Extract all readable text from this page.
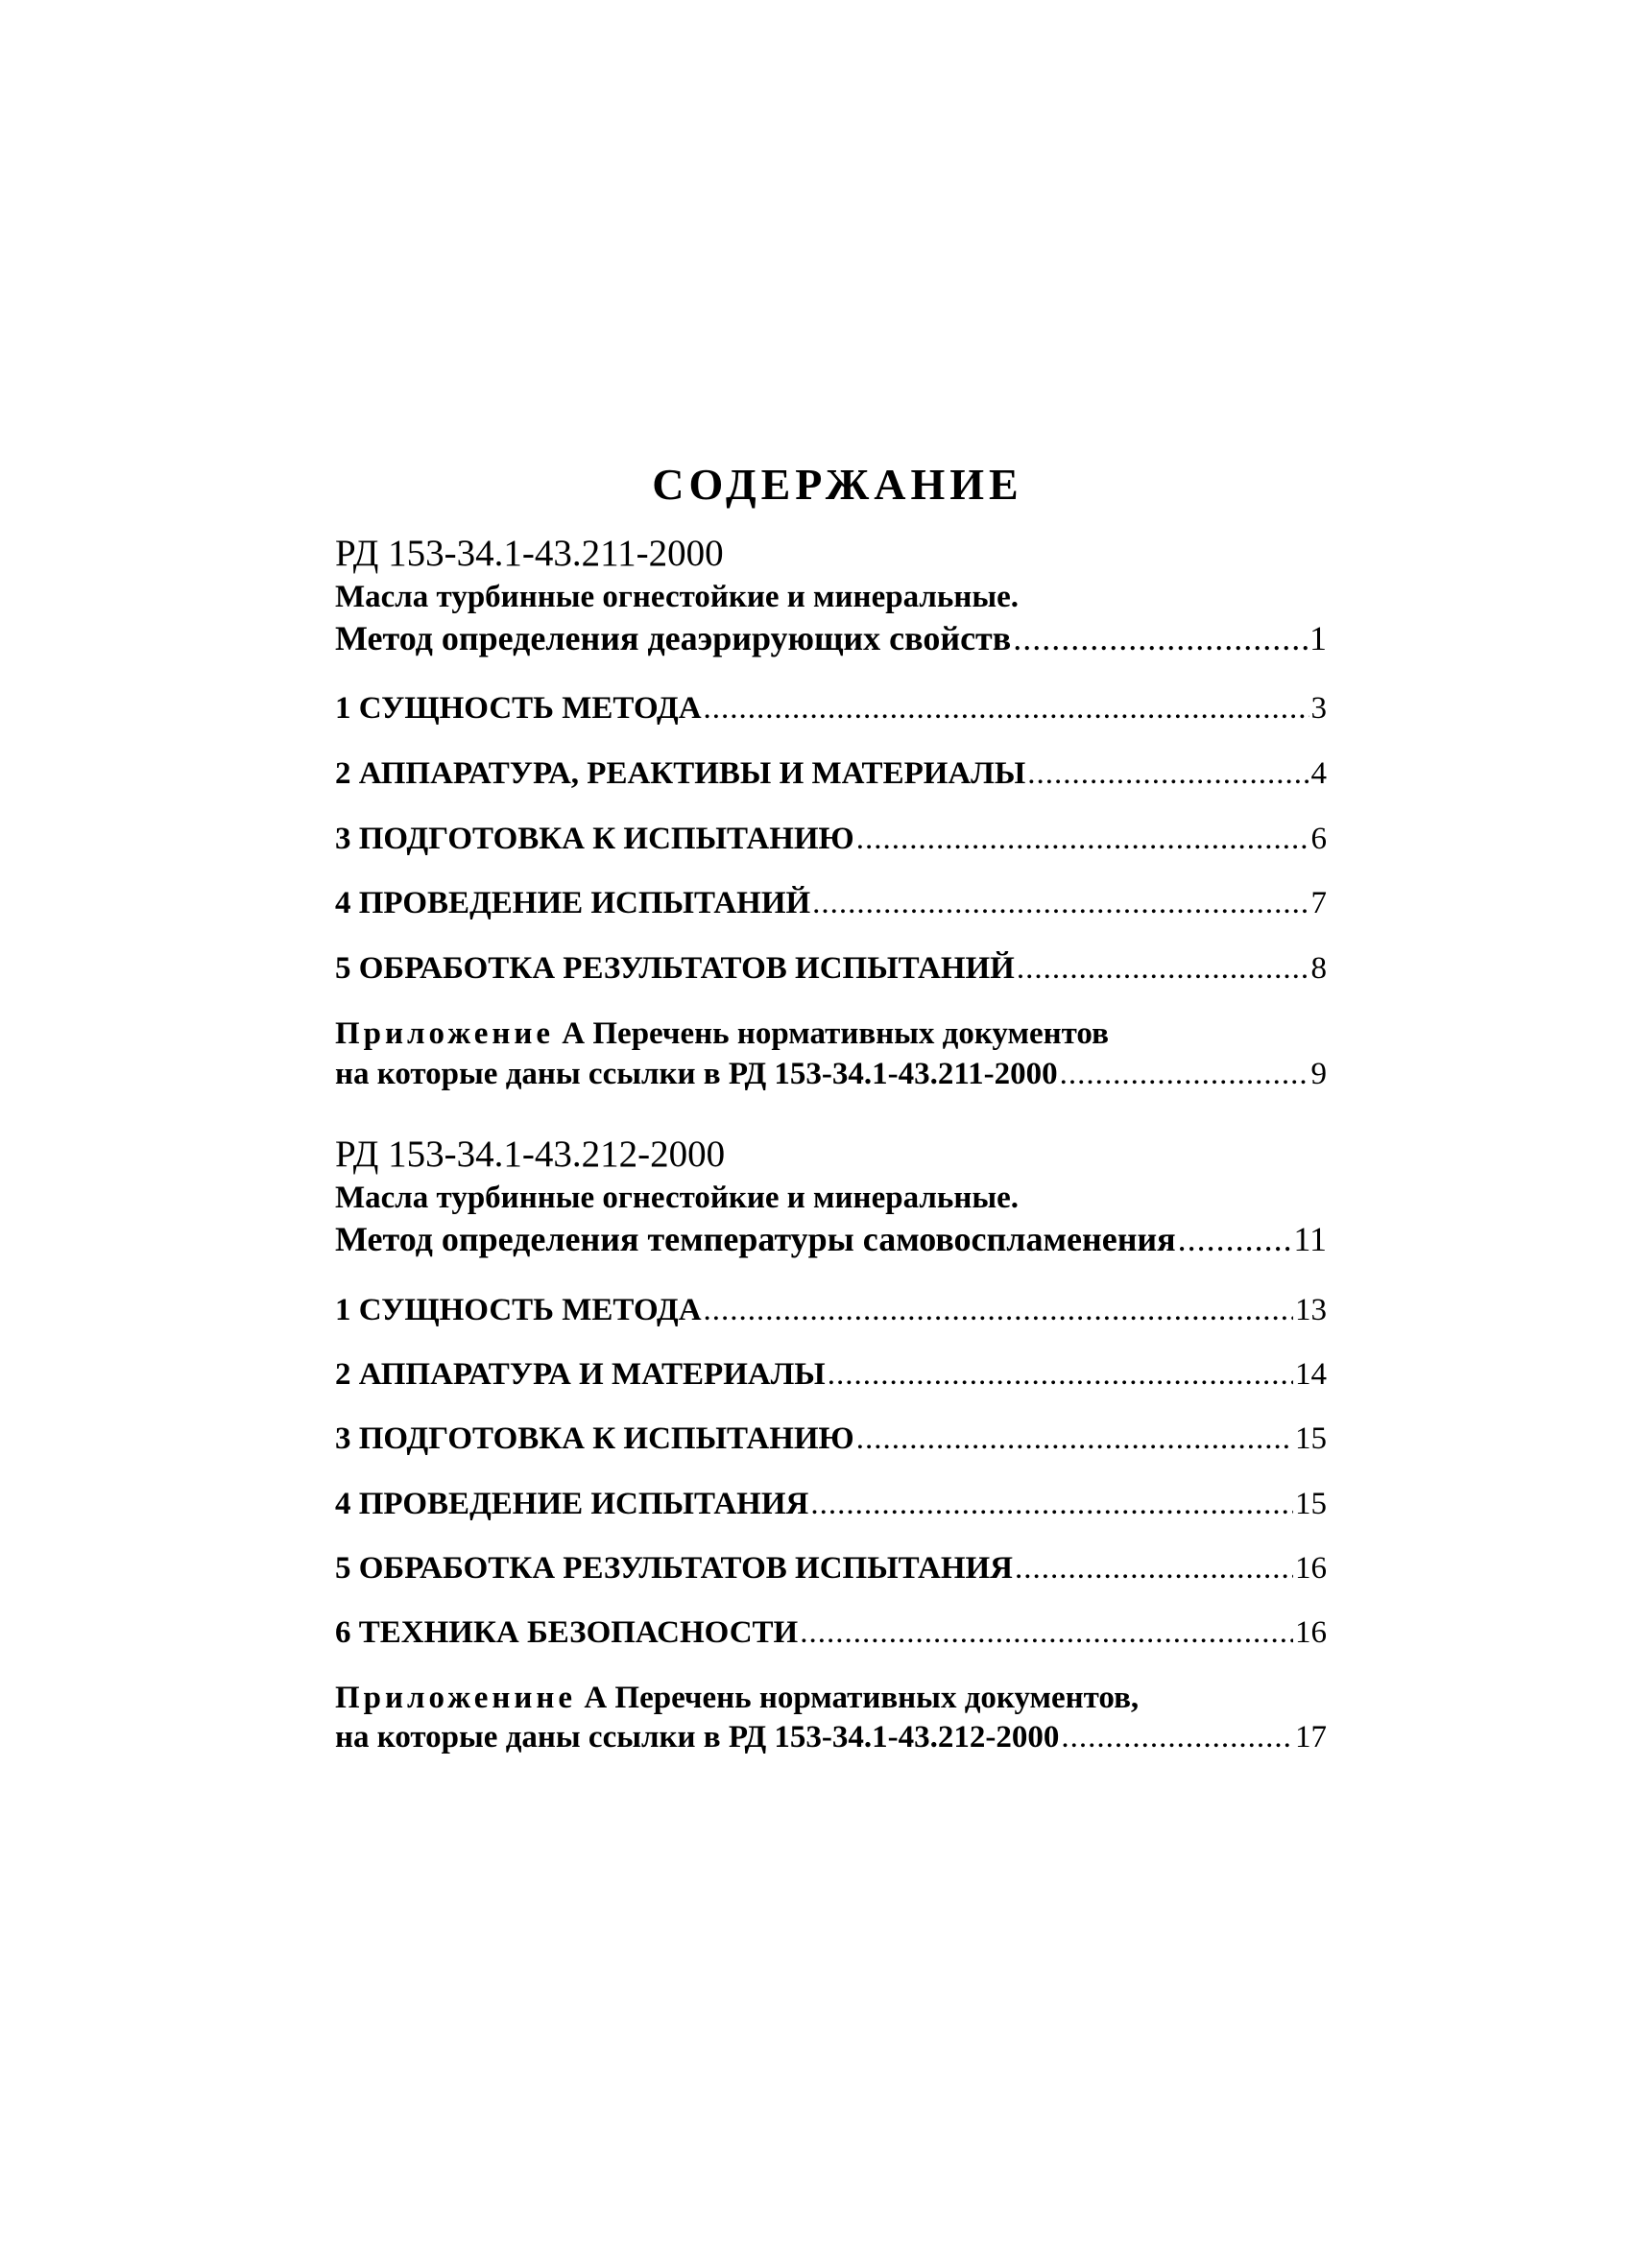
СОДЕРЖАНИЕ
РД 153-34.1-43.211-2000
Масла турбинные огнестойкие и минеральные.
Метод определения деаэрирующих свойств .....	1
1 СУЩНОСТЬ МЕТОДА .....	3
2 АППАРАТУРА, РЕАКТИВЫ И МАТЕРИАЛЫ .....	4
3 ПОДГОТОВКА К ИСПЫТАНИЮ .....	6
4 ПРОВЕДЕНИЕ ИСПЫТАНИЙ .....	7
5 ОБРАБОТКА РЕЗУЛЬТАТОВ ИСПЫТАНИЙ .....	8
Приложение А Перечень нормативных документов
на которые даны ссылки в РД 153-34.1-43.211-2000 .....	9
РД 153-34.1-43.212-2000
Масла турбинные огнестойкие и минеральные.
Метод определения температуры самовоспламенения .....	11
1 СУЩНОСТЬ МЕТОДА .....	13
2 АППАРАТУРА И МАТЕРИАЛЫ .....	14
3 ПОДГОТОВКА К ИСПЫТАНИЮ .....	15
4 ПРОВЕДЕНИЕ ИСПЫТАНИЯ .....	15
5 ОБРАБОТКА РЕЗУЛЬТАТОВ ИСПЫТАНИЯ .....	16
6 ТЕХНИКА БЕЗОПАСНОСТИ .....	16
Приложенине А Перечень нормативных документов,
на которые даны ссылки в РД 153-34.1-43.212-2000 .....	17
